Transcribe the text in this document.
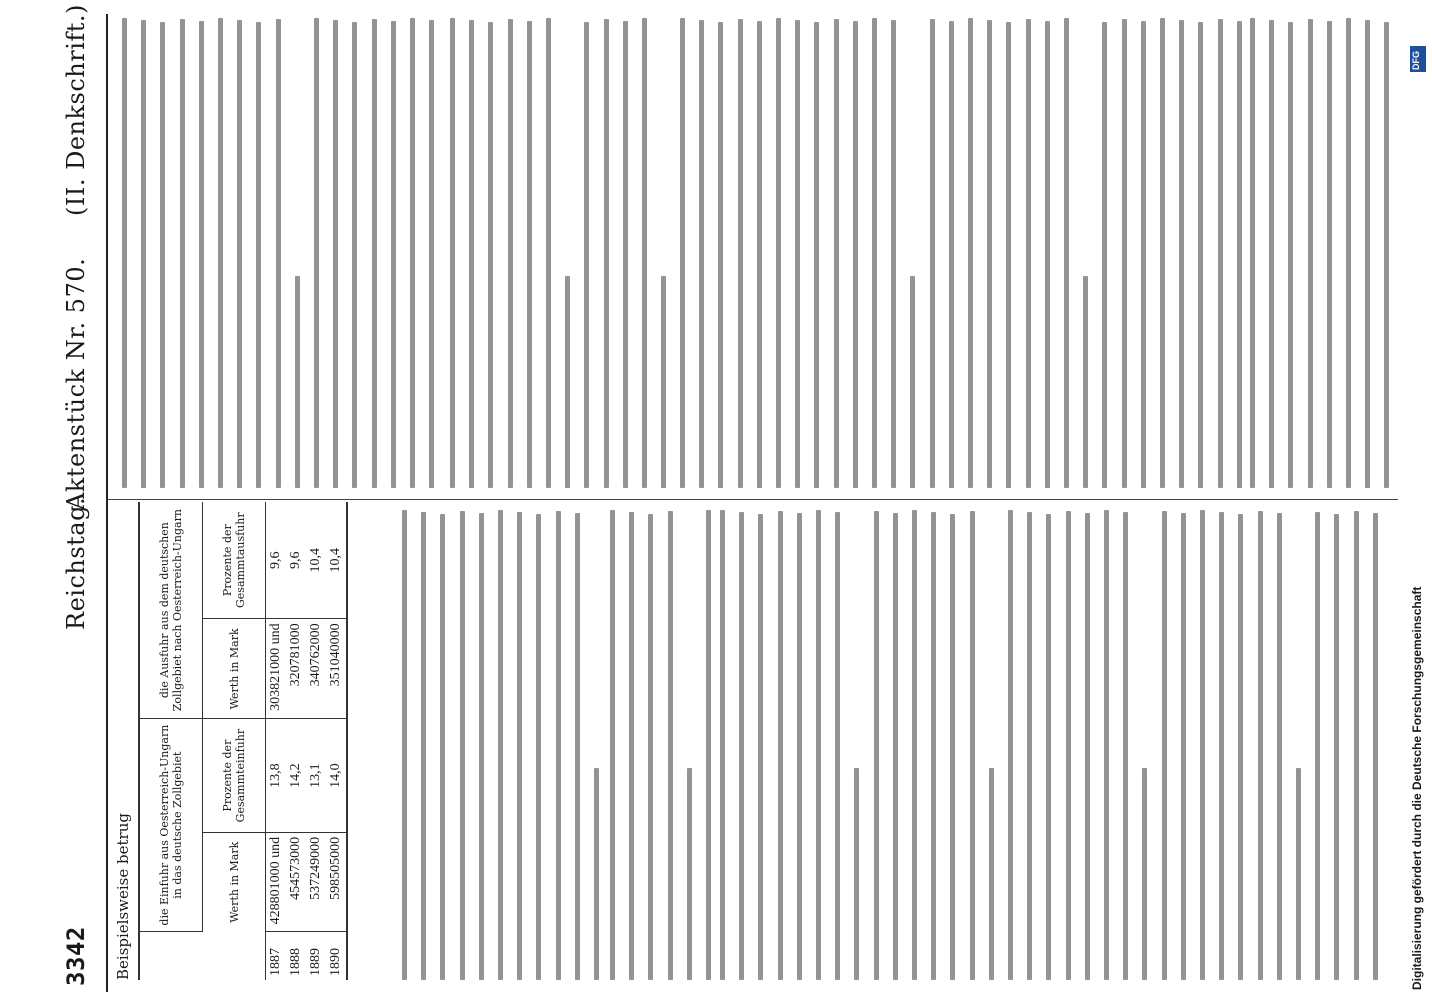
3342
Reichstag.
Aktenstück Nr. 570.
(II. Denkschrift.)
Beispielsweise betrug
	die Einfuhr aus Oesterreich-Ungarn in das deutsche Zollgebiet		die Ausfuhr aus dem deutschen Zollgebiet nach Oesterreich-Ungarn	
	Werth in Mark	Prozente der Gesammteinfuhr	Werth in Mark	Prozente der Gesammtausfuhr
1887	428801000 und	13,8	303821000 und	9,6
1888	454573000	14,2	320781000	9,6
1889	537249000	13,1	340762000	10,4
1890	598505000	14,0	351040000	10,4
Digitalisierung gefördert durch die Deutsche Forschungsgemeinschaft
DFG
